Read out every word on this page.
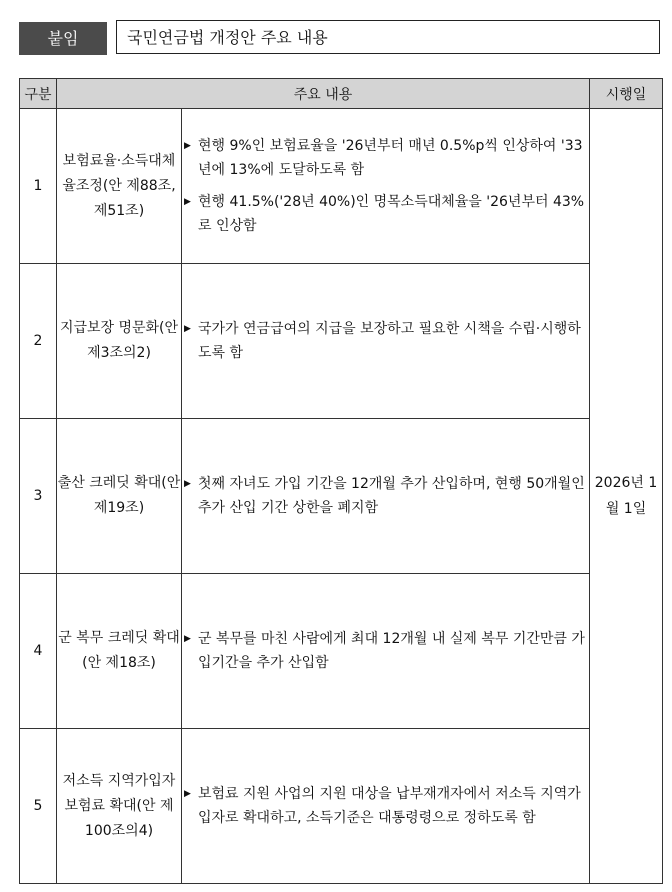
붙임	국민연금법 개정안 주요 내용
구분	주요 내용		시행일
1	보험료율·소득대체율조정(안 제88조, 제51조)	▶ 현행 9%인 보험료율을 '26년부터 매년 0.5%p씩 인상하여 '33년에 13%에 도달하도록 함
▶ 현행 41.5%('28년 40%)인 명목소득대체율을 '26년부터 43%로 인상함	2026년 1월 1일
2	지급보장 명문화(안 제3조의2)	▶ 국가가 연금급여의 지급을 보장하고 필요한 시책을 수립·시행하도록 함	

3	출산 크레딧 확대(안 제19조)	▶ 첫째 자녀도 가입 기간을 12개월 추가 산입하며, 현행 50개월인 추가 산입 기간 상한을 폐지함	

4	군 복무 크레딧 확대(안 제18조)	▶ 군 복무를 마친 사람에게 최대 12개월 내 실제 복무 기간만큼 가입기간을 추가 산입함	

5	저소득 지역가입자 보험료 확대(안 제100조의4)	▶ 보험료 지원 사업의 지원 대상을 납부재개자에서 저소득 지역가입자로 확대하고, 소득기준은 대통령령으로 정하도록 함	
